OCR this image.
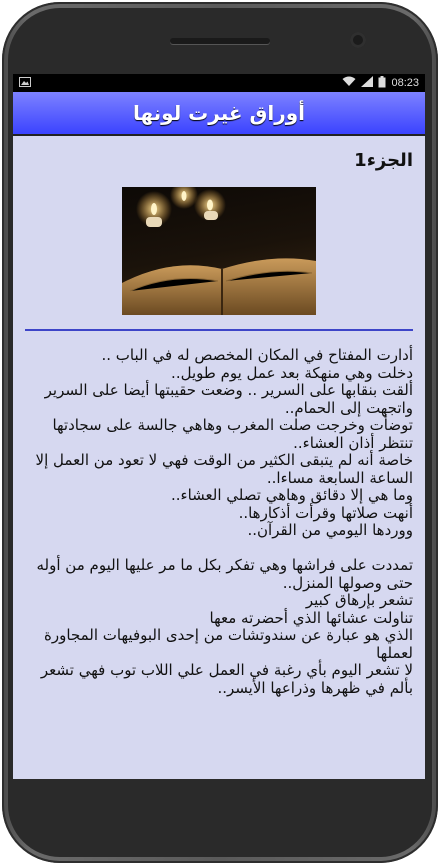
08:23
أوراق غيرت لونها

الجزء1

أدارت المفتاح في المكان المخصص له في الباب ..
دخلت وهي منهكة بعد عمل يوم طويل..
ألقت بنقابها على السرير .. وضعت حقيبتها أيضا على السرير
واتجهت إلى الحمام..
توضأت وخرجت صلت المغرب وهاهي جالسة على سجادتها تنتظر أذان العشاء..
خاصة أنه لم يتبقى الكثير من الوقت فهي لا تعود من العمل إلا الساعة السابعة مساءا..
وما هي إلا دقائق وهاهي تصلي العشاء..
أنهت صلاتها وقرأت أذكارها..
ووردها اليومي من القرآن..

تمددت على فراشها وهي تفكر بكل ما مر عليها اليوم من أوله حتى وصولها المنزل..
تشعر بإرهاق كبير
تناولت عشائها الذي أحضرته معها
الذي هو عبارة عن سندوتشات من إحدى البوفيهات المجاورة لعملها
لا تشعر اليوم بأي رغبة في العمل علي اللاب توب فهي تشعر بألم في ظهرها وذراعها الأيسر..
